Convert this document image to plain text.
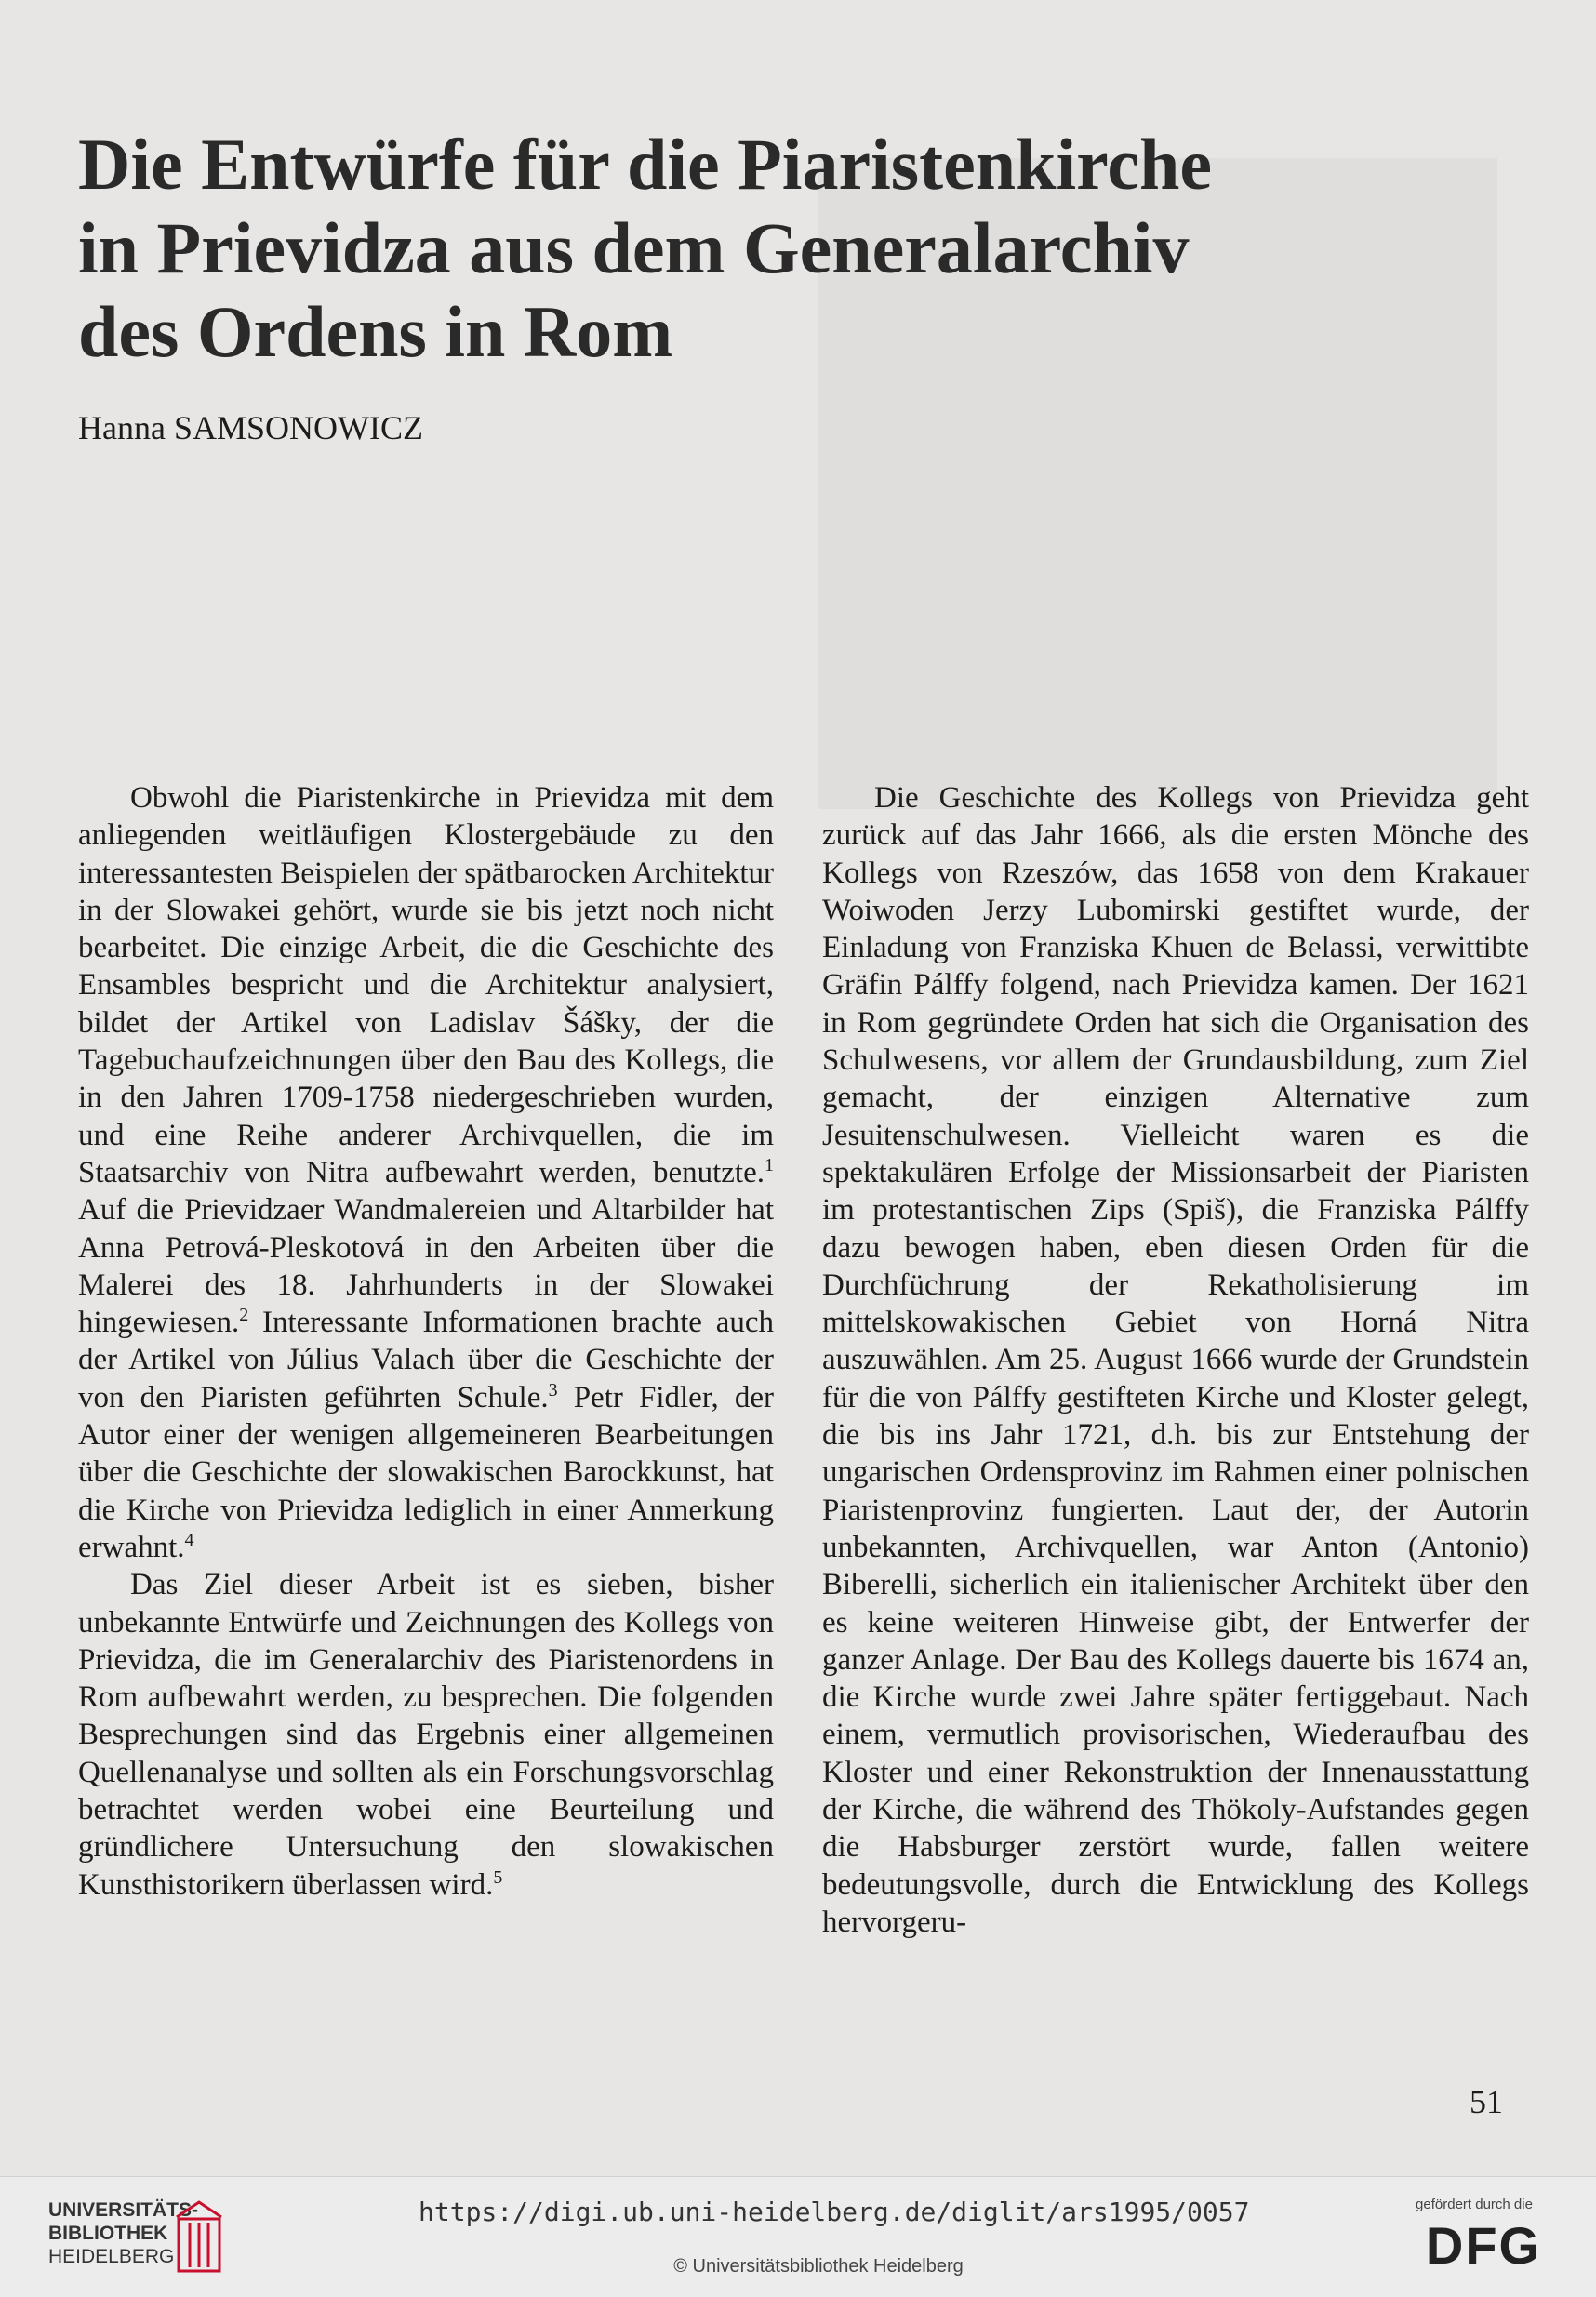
Die Entwürfe für die Piaristenkirche
in Prievidza aus dem Generalarchiv
des Ordens in Rom
Hanna SAMSONOWICZ

Obwohl die Piaristenkirche in Prievidza mit dem anliegenden weitläufigen Klostergebäude zu den interessantesten Beispielen der spätbarocken Architektur in der Slowakei gehört, wurde sie bis jetzt noch nicht bearbeitet. Die einzige Arbeit, die die Geschichte des Ensambles bespricht und die Architektur analysiert, bildet der Artikel von Ladislav Šášky, der die Tagebuchaufzeichnungen über den Bau des Kollegs, die in den Jahren 1709-1758 niedergeschrieben wurden, und eine Reihe anderer Archivquellen, die im Staatsarchiv von Nitra aufbewahrt werden, benutzte.$^1$ Auf die Prievidzaer Wandmalereien und Altarbilder hat Anna Petrová-Pleskotová in den Arbeiten über die Malerei des 18. Jahrhunderts in der Slowakei hingewiesen.$^2$ Interessante Informationen brachte auch der Artikel von Július Valach über die Geschichte der von den Piaristen geführten Schule.$^3$ Petr Fidler, der Autor einer der wenigen allgemeineren Bearbeitungen über die Geschichte der slowakischen Barockkunst, hat die Kirche von Prievidza lediglich in einer Anmerkung erwahnt.$^4$

Das Ziel dieser Arbeit ist es sieben, bisher unbekannte Entwürfe und Zeichnungen des Kollegs von Prievidza, die im Generalarchiv des Piaristenordens in Rom aufbewahrt werden, zu besprechen. Die folgenden Besprechungen sind das Ergebnis einer allgemeinen Quellenanalyse und sollten als ein Forschungsvorschlag betrachtet werden wobei eine Beurteilung und gründlichere Untersuchung den slowakischen Kunsthistorikern überlassen wird.$^5$

Die Geschichte des Kollegs von Prievidza geht zurück auf das Jahr 1666, als die ersten Mönche des Kollegs von Rzeszów, das 1658 von dem Krakauer Woiwoden Jerzy Lubomirski gestiftet wurde, der Einladung von Franziska Khuen de Belassi, verwittibte Gräfin Pálffy folgend, nach Prievidza kamen. Der 1621 in Rom gegründete Orden hat sich die Organisation des Schulwesens, vor allem der Grundausbildung, zum Ziel gemacht, der einzigen Alternative zum Jesuitenschulwesen. Vielleicht waren es die spektakulären Erfolge der Missionsarbeit der Piaristen im protestantischen Zips (Spiš), die Franziska Pálffy dazu bewogen haben, eben diesen Orden für die Durchfüchrung der Rekatholisierung im mittelskowakischen Gebiet von Horná Nitra auszuwählen. Am 25. August 1666 wurde der Grundstein für die von Pálffy gestifteten Kirche und Kloster gelegt, die bis ins Jahr 1721, d.h. bis zur Entstehung der ungarischen Ordensprovinz im Rahmen einer polnischen Piaristenprovinz fungierten. Laut der, der Autorin unbekannten, Archivquellen, war Anton (Antonio) Biberelli, sicherlich ein italienischer Architekt über den es keine weiteren Hinweise gibt, der Entwerfer der ganzer Anlage. Der Bau des Kollegs dauerte bis 1674 an, die Kirche wurde zwei Jahre später fertiggebaut. Nach einem, vermutlich provisorischen, Wiederaufbau des Kloster und einer Rekonstruktion der Innenausstattung der Kirche, die während des Thökoly-Aufstandes gegen die Habsburger zerstört wurde, fallen weitere bedeutungsvolle, durch die Entwicklung des Kollegs hervorgeru-

51
UNIVERSITÄTS-
BIBLIOTHEK
HEIDELBERG
https://digi.ub.uni-heidelberg.de/diglit/ars1995/0057
© Universitätsbibliothek Heidelberg
gefördert durch die
DFG
